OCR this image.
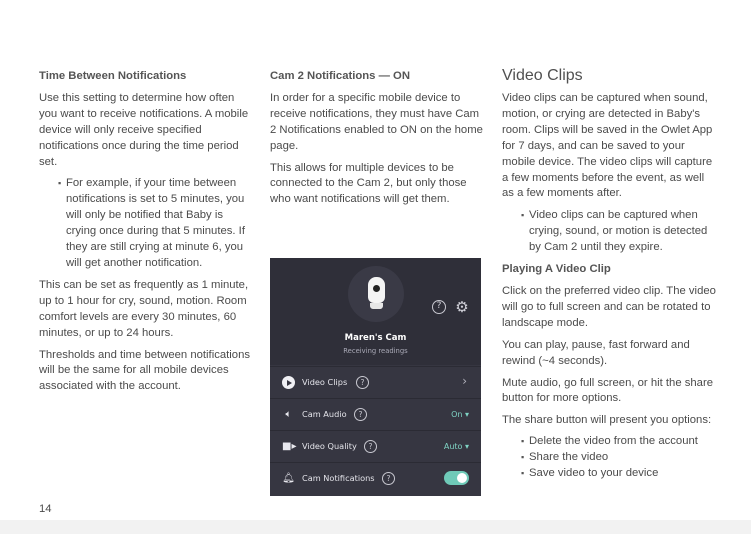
Time Between Notifications

Use this setting to determine how often you want to receive notifications. A mobile device will only receive specified notifications once during the time period set.

▪ For example, if your time between notifications is set to 5 minutes, you will only be notified that Baby is crying once during that 5 minutes. If they are still crying at minute 6, you will get another notification.

This can be set as frequently as 1 minute, up to 1 hour for cry, sound, motion. Room comfort levels are every 30 minutes, 60 minutes, or up to 24 hours.

Thresholds and time between notifications will be the same for all mobile devices associated with the account.

Cam 2 Notifications — ON

In order for a specific mobile device to receive notifications, they must have Cam 2 Notifications enabled to ON on the home page.

This allows for multiple devices to be connected to the Cam 2, but only those who want notifications will get them.

? ⚙
Maren's Cam
Receiving readings
Video Clips	?	›
🔈︎	Cam Audio	?	On ▾
■▸ Video Quality	?	Auto ▾
🔔︎ Cam Notifications	?
Video Clips

Video clips can be captured when sound, motion, or crying are detected in Baby's room. Clips will be saved in the Owlet App for 7 days, and can be saved to your mobile device. The video clips will capture a few moments before the event, as well as a few moments after.

▪ Video clips can be captured when crying, sound, or motion is detected by Cam 2 until they expire.
Playing A Video Clip

Click on the preferred video clip. The video will go to full screen and can be rotated to landscape mode.

You can play, pause, fast forward and rewind (~4 seconds).

Mute audio, go full screen, or hit the share button for more options.

The share button will present you options:

▪ Delete the video from the account
▪ Share the video
▪ Save video to your device
14
